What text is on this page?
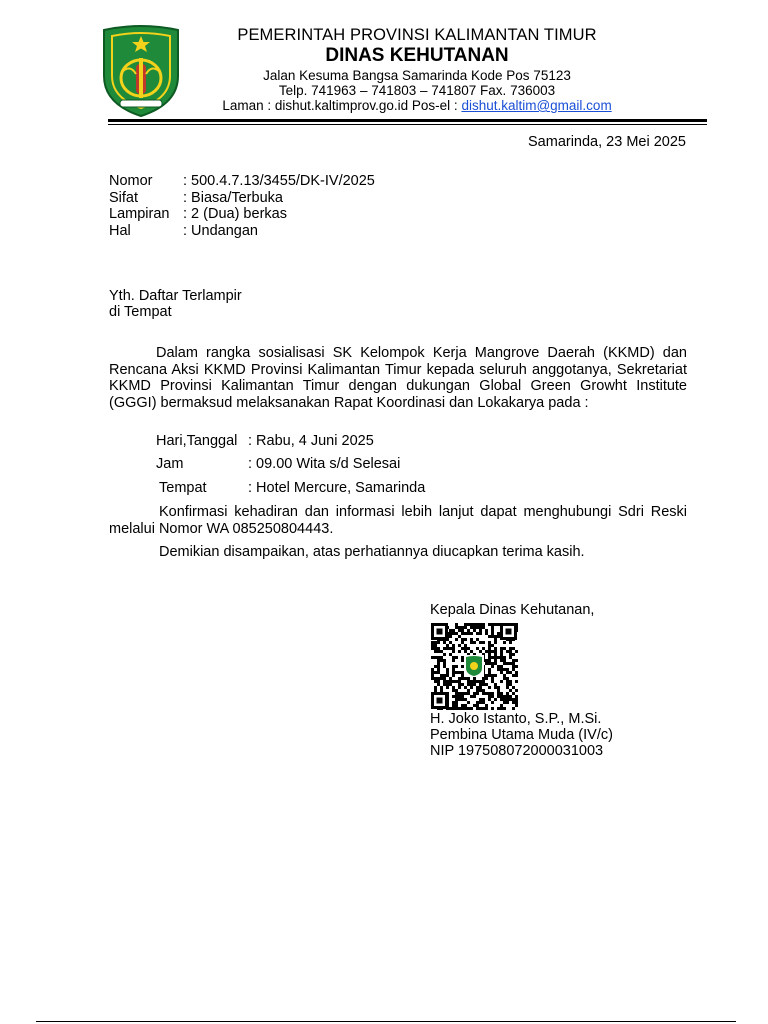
PEMERINTAH PROVINSI KALIMANTAN TIMUR
DINAS KEHUTANAN
Jalan Kesuma Bangsa Samarinda Kode Pos 75123
Telp. 741963 – 741803 – 741807 Fax. 736003
Laman : dishut.kaltimprov.go.id Pos-el : dishut.kaltim@gmail.com
Samarinda, 23 Mei 2025
Nomor : 500.4.7.13/3455/DK-IV/2025
Sifat	: Biasa/Terbuka
Lampiran : 2 (Dua) berkas
Hal	: Undangan
Yth. Daftar Terlampir
di Tempat
Dalam rangka sosialisasi SK Kelompok Kerja Mangrove Daerah (KKMD) dan Rencana Aksi KKMD Provinsi Kalimantan Timur kepada seluruh anggotanya, Sekretariat KKMD Provinsi Kalimantan Timur dengan dukungan Global Green Growht Institute (GGGI) bermaksud melaksanakan Rapat Koordinasi dan Lokakarya pada :
Hari,Tanggal : Rabu, 4 Juni 2025
Jam	: 09.00 Wita s/d Selesai
Tempat	: Hotel Mercure, Samarinda
Konfirmasi kehadiran dan informasi lebih lanjut dapat menghubungi Sdri Reski melalui Nomor WA 085250804443.
Demikian disampaikan, atas perhatiannya diucapkan terima kasih.
Kepala Dinas Kehutanan,
H. Joko Istanto, S.P., M.Si.
Pembina Utama Muda (IV/c)
NIP 197508072000031003
